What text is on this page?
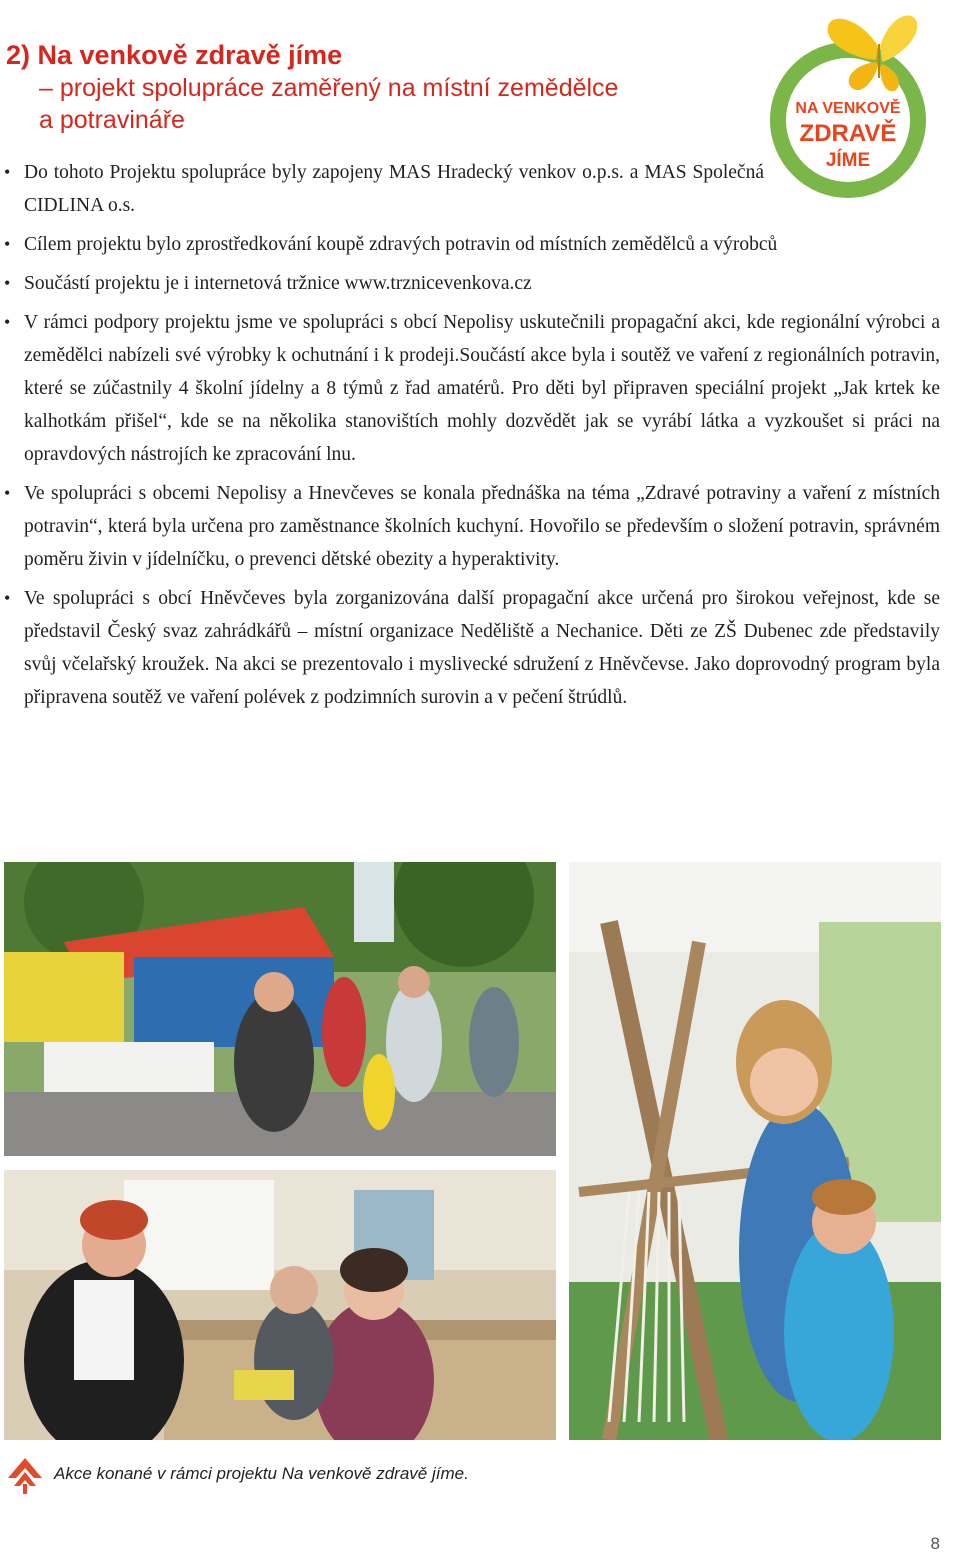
2) Na venkově zdravě jíme
– projekt spolupráce zaměřený na místní zemědělce
a potravináře	NA VENKOVĚ
ZDRAVĚ
JÍME
• Do tohoto Projektu spolupráce byly zapojeny MAS Hradecký venkov o.p.s. a MAS Společná CIDLINA o.s.
• Cílem projektu bylo zprostředkování koupě zdravých potravin od místních zemědělců a výrobců
• Součástí projektu je i internetová tržnice www.trznicevenkova.cz
• V rámci podpory projektu jsme ve spolupráci s obcí Nepolisy uskutečnili propagační akci, kde regionální výrobci a zemědělci nabízeli své výrobky k ochutnání i k prodeji.Součástí akce byla i soutěž ve vaření z regionálních potravin, které se zúčastnily 4 školní jídelny a 8 týmů z řad amatérů. Pro děti byl připraven speciální projekt „Jak krtek ke kalhotkám přišel“, kde se na několika stanovištích mohly dozvědět jak se vyrábí látka a vyzkoušet si práci na opravdových nástrojích ke zpracování lnu.
• Ve spolupráci s obcemi Nepolisy a Hnevčeves se konala přednáška na téma „Zdravé potraviny a vaření z místních potravin“, která byla určena pro zaměstnance školních kuchyní. Hovořilo se především o složení potravin, správném poměru živin v jídelníčku, o prevenci dětské obezity a hyperaktivity.
• Ve spolupráci s obcí Hněvčeves byla zorganizována další propagační akce určená pro širokou veřejnost, kde se představil Český svaz zahrádkářů – místní organizace Neděliště a Nechanice. Děti ze ZŠ Dubenec zde představily svůj včelařský kroužek. Na akci se prezentovalo i myslivecké sdružení z Hněvčevse. Jako doprovodný program byla připravena soutěž ve vaření polévek z podzimních surovin a v pečení štrúdlů.
Akce konané v rámci projektu Na venkově zdravě jíme.
8
